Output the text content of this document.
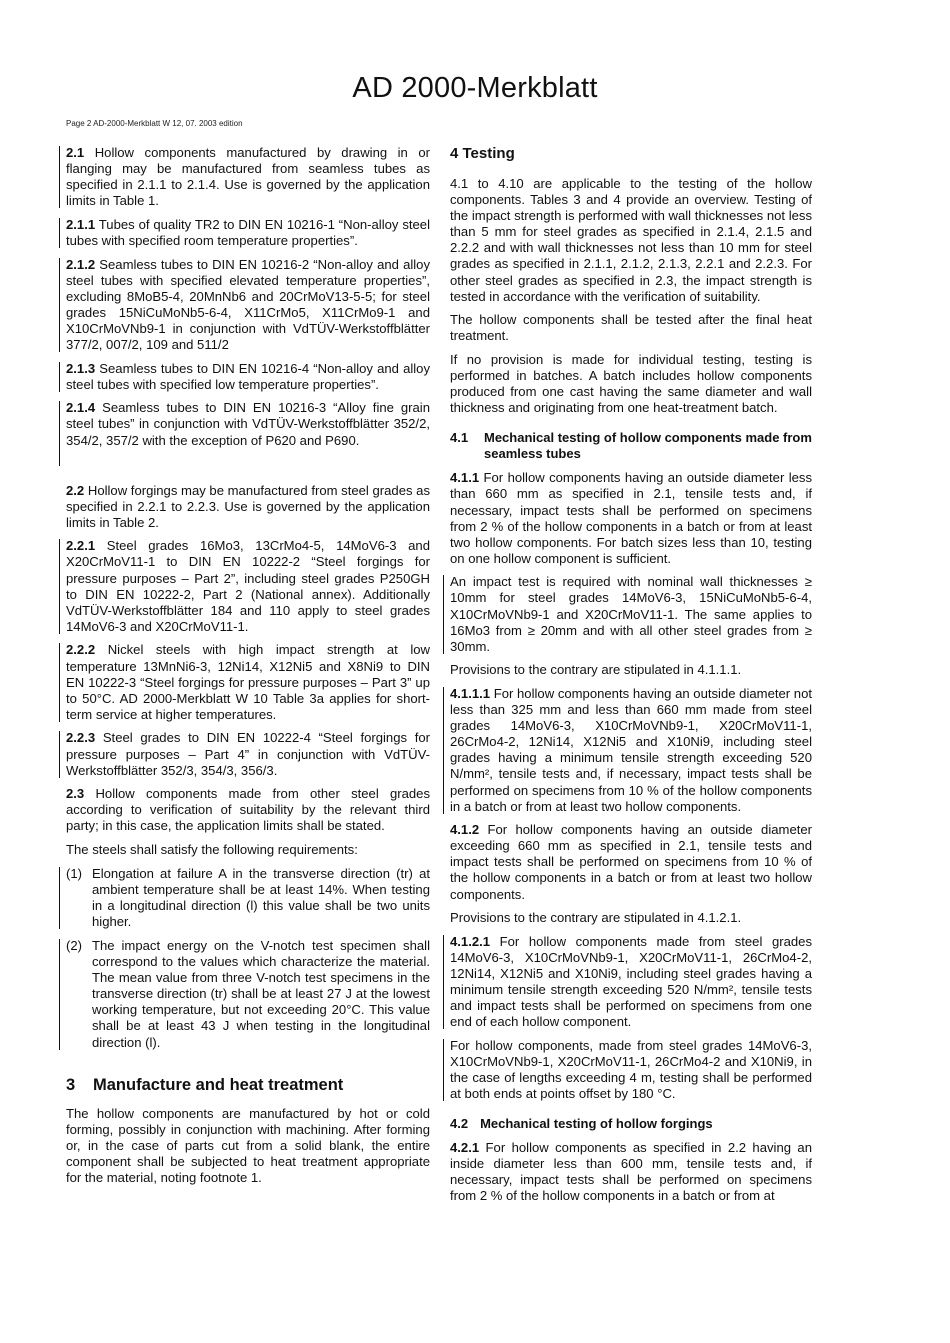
AD 2000-Merkblatt
Page 2 AD-2000-Merkblatt W 12, 07. 2003 edition

2.1 Hollow components manufactured by drawing in or flanging may be manufactured from seamless tubes as specified in 2.1.1 to 2.1.4. Use is governed by the application limits in Table 1.

2.1.1 Tubes of quality TR2 to DIN EN 10216-1 “Non-alloy steel tubes with specified room temperature properties”.

2.1.2 Seamless tubes to DIN EN 10216-2 “Non-alloy and alloy steel tubes with specified elevated temperature properties”, excluding 8MoB5-4, 20MnNb6 and 20CrMoV13-5-5; for steel grades 15NiCuMoNb5-6-4, X11CrMo5, X11CrMo9-1 and X10CrMoVNb9-1 in conjunction with VdTÜV-Werkstoffblätter 377/2, 007/2, 109 and 511/2

2.1.3 Seamless tubes to DIN EN 10216-4 “Non-alloy and alloy steel tubes with specified low temperature properties”.

2.1.4 Seamless tubes to DIN EN 10216-3 “Alloy fine grain steel tubes” in conjunction with VdTÜV-Werkstoffblätter 352/2, 354/2, 357/2 with the exception of P620 and P690.

2.2 Hollow forgings may be manufactured from steel grades as specified in 2.2.1 to 2.2.3. Use is governed by the application limits in Table 2.

2.2.1 Steel grades 16Mo3, 13CrMo4-5, 14MoV6-3 and X20CrMoV11-1 to DIN EN 10222-2 “Steel forgings for pressure purposes – Part 2”, including steel grades P250GH to DIN EN 10222-2, Part 2 (National annex). Additionally VdTÜV-Werkstoffblätter 184 and 110 apply to steel grades 14MoV6-3 and X20CrMoV11-1.

2.2.2 Nickel steels with high impact strength at low temperature 13MnNi6-3, 12Ni14, X12Ni5 and X8Ni9 to DIN EN 10222-3 “Steel forgings for pressure purposes – Part 3” up to 50°C. AD 2000-Merkblatt W 10 Table 3a applies for short-term service at higher temperatures.

2.2.3 Steel grades to DIN EN 10222-4 “Steel forgings for pressure purposes – Part 4” in conjunction with VdTÜV-Werkstoffblätter 352/3, 354/3, 356/3.

2.3 Hollow components made from other steel grades according to verification of suitability by the relevant third party; in this case, the application limits shall be stated.

The steels shall satisfy the following requirements:

(1) Elongation at failure A in the transverse direction (tr) at ambient temperature shall be at least 14%. When testing in a longitudinal direction (l) this value shall be two units higher.
(2) The impact energy on the V-notch test specimen shall correspond to the values which characterize the material. The mean value from three V-notch test specimens in the transverse direction (tr) shall be at least 27 J at the lowest working temperature, but not exceeding 20°C. This value shall be at least 43 J when testing in the longitudinal direction (l).
3 Manufacture and heat treatment

The hollow components are manufactured by hot or cold forming, possibly in conjunction with machining. After forming or, in the case of parts cut from a solid blank, the entire component shall be subjected to heat treatment appropriate for the material, noting footnote 1.

4 Testing

4.1 to 4.10 are applicable to the testing of the hollow components. Tables 3 and 4 provide an overview. Testing of the impact strength is performed with wall thicknesses not less than 5 mm for steel grades as specified in 2.1.4, 2.1.5 and 2.2.2 and with wall thicknesses not less than 10 mm for steel grades as specified in 2.1.1, 2.1.2, 2.1.3, 2.2.1 and 2.2.3. For other steel grades as specified in 2.3, the impact strength is tested in accordance with the verification of suitability.

The hollow components shall be tested after the final heat treatment.

If no provision is made for individual testing, testing is performed in batches. A batch includes hollow components produced from one cast having the same diameter and wall thickness and originating from one heat-treatment batch.

4.1	Mechanical testing of hollow components made from seamless tubes

4.1.1 For hollow components having an outside diameter less than 660 mm as specified in 2.1, tensile tests and, if necessary, impact tests shall be performed on specimens from 2 % of the hollow components in a batch or from at least two hollow components. For batch sizes less than 10, testing on one hollow component is sufficient.

An impact test is required with nominal wall thicknesses ≥ 10mm for steel grades 14MoV6-3, 15NiCuMoNb5-6-4, X10CrMoVNb9-1 and X20CrMoV11-1. The same applies to 16Mo3 from ≥ 20mm and with all other steel grades from ≥ 30mm.

Provisions to the contrary are stipulated in 4.1.1.1.

4.1.1.1 For hollow components having an outside diameter not less than 325 mm and less than 660 mm made from steel grades 14MoV6-3, X10CrMoVNb9-1, X20CrMoV11-1, 26CrMo4-2, 12Ni14, X12Ni5 and X10Ni9, including steel grades having a minimum tensile strength exceeding 520 N/mm², tensile tests and, if necessary, impact tests shall be performed on specimens from 10 % of the hollow components in a batch or from at least two hollow components.

4.1.2 For hollow components having an outside diameter exceeding 660 mm as specified in 2.1, tensile tests and impact tests shall be performed on specimens from 10 % of the hollow components in a batch or from at least two hollow components.

Provisions to the contrary are stipulated in 4.1.2.1.

4.1.2.1 For hollow components made from steel grades 14MoV6-3, X10CrMoVNb9-1, X20CrMoV11-1, 26CrMo4-2, 12Ni14, X12Ni5 and X10Ni9, including steel grades having a minimum tensile strength exceeding 520 N/mm², tensile tests and impact tests shall be performed on specimens from one end of each hollow component.

For hollow components, made from steel grades 14MoV6-3, X10CrMoVNb9-1, X20CrMoV11-1, 26CrMo4-2 and X10Ni9, in the case of lengths exceeding 4 m, testing shall be performed at both ends at points offset by 180 °C.

4.2 Mechanical testing of hollow forgings

4.2.1 For hollow components as specified in 2.2 having an inside diameter less than 600 mm, tensile tests and, if necessary, impact tests shall be performed on specimens from 2 % of the hollow components in a batch or from at
